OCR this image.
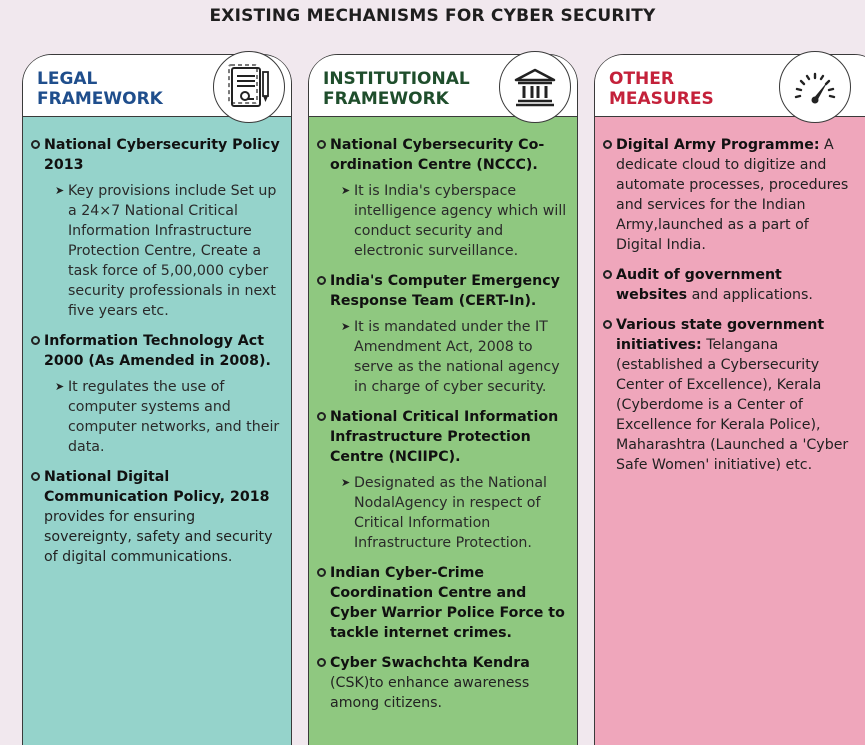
EXISTING MECHANISMS FOR CYBER SECURITY
LEGAL
FRAMEWORK
National Cybersecurity Policy 2013
➤ Key provisions include Set up a 24×7 National Critical Information Infrastructure Protection Centre, Create a task force of 5,00,000 cyber security professionals in next five years etc.
Information Technology Act 2000 (As Amended in 2008).
➤ It regulates the use of computer systems and computer networks, and their data.
National Digital Communication Policy, 2018 provides for ensuring sovereignty, safety and security of digital communications.
INSTITUTIONAL
FRAMEWORK
National Cybersecurity Co-ordination Centre (NCCC).
➤ It is India's cyberspace intelligence agency which will conduct security and electronic surveillance.
India's Computer Emergency Response Team (CERT-In).
➤ It is mandated under the IT Amendment Act, 2008 to serve as the national agency in charge of cyber security.
National Critical Information Infrastructure Protection Centre (NCIIPC).
➤ Designated as the National NodalAgency in respect of Critical Information Infrastructure Protection.
Indian Cyber-Crime Coordination Centre and Cyber Warrior Police Force to tackle internet crimes.
Cyber Swachchta Kendra (CSK)to enhance awareness among citizens.
OTHER
MEASURES
Digital Army Programme: A dedicate cloud to digitize and automate processes, procedures and services for the Indian Army,launched as a part of Digital India.
Audit of government websites and applications.
Various state government initiatives: Telangana (established a Cybersecurity Center of Excellence), Kerala (Cyberdome is a Center of Excellence for Kerala Police), Maharashtra (Launched a 'Cyber Safe Women' initiative) etc.
